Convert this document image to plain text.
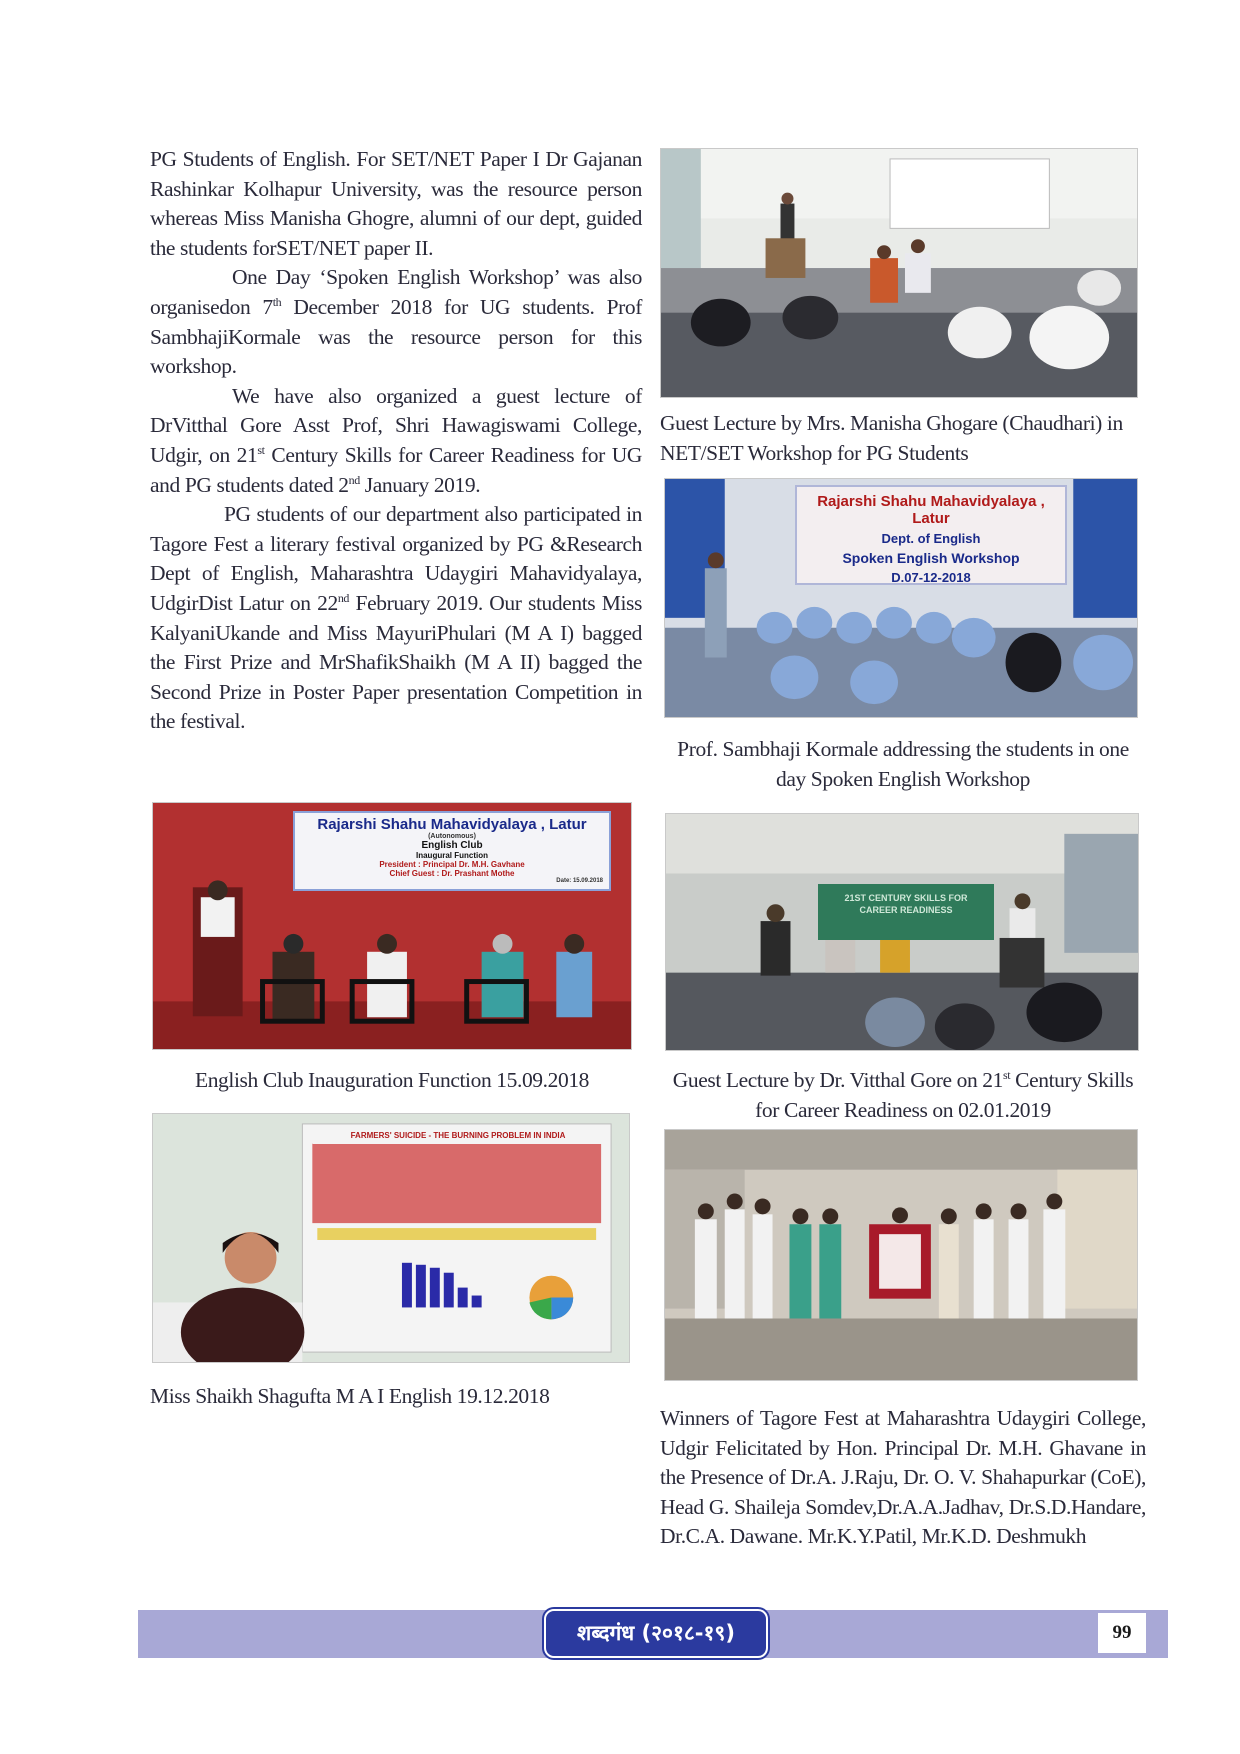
PG Students of English. For SET/NET Paper I Dr Gajanan Rashinkar Kolhapur University, was the resource person whereas Miss Manisha Ghogre, alumni of our dept, guided the students forSET/NET paper II.

One Day ‘Spoken English Workshop’ was also organisedon 7th December 2018 for UG students. Prof SambhajiKormale was the resource person for this workshop.

We have also organized a guest lecture of DrVitthal Gore Asst Prof, Shri Hawagiswami College, Udgir, on 21st Century Skills for Career Readiness for UG and PG students dated 2nd January 2019.

PG students of our department also participated in Tagore Fest a literary festival organized by PG &Research Dept of English, Maharashtra Udaygiri Mahavidyalaya, UdgirDist Latur on 22nd February 2019. Our students Miss KalyaniUkande and Miss MayuriPhulari (M A I) bagged the First Prize and MrShafikShaikh (M A II) bagged the Second Prize in Poster Paper presentation Competition in the festival.

Guest Lecture by Mrs. Manisha Ghogare (Chaudhari) in NET/SET Workshop for PG Students
Rajarshi Shahu Mahavidyalaya , Latur
Dept. of English
Spoken English Workshop
D.07-12-2018
Prof. Sambhaji Kormale addressing the students in one day Spoken English Workshop
Rajarshi Shahu Mahavidyalaya , Latur
(Autonomous)
English Club
Inaugural Function
President : Principal Dr. M.H. Gavhane
Chief Guest : Dr. Prashant Mothe
Date: 15.09.2018
English Club Inauguration Function 15.09.2018
21ST CENTURY SKILLS FOR CAREER READINESS
Guest Lecture by Dr. Vitthal Gore on 21st Century Skills for Career Readiness on 02.01.2019
FARMERS' SUICIDE - THE BURNING PROBLEM IN INDIA
Miss Shaikh Shagufta M A I English 19.12.2018
Winners of Tagore Fest at Maharashtra Udaygiri College, Udgir Felicitated by Hon. Principal Dr. M.H. Ghavane in the Presence of Dr.A. J.Raju, Dr. O. V. Shahapurkar (CoE), Head G. Shaileja Somdev,Dr.A.A.Jadhav, Dr.S.D.Handare, Dr.C.A. Dawane. Mr.K.Y.Patil, Mr.K.D. Deshmukh
शब्दगंध (२०१८-१९)	99
